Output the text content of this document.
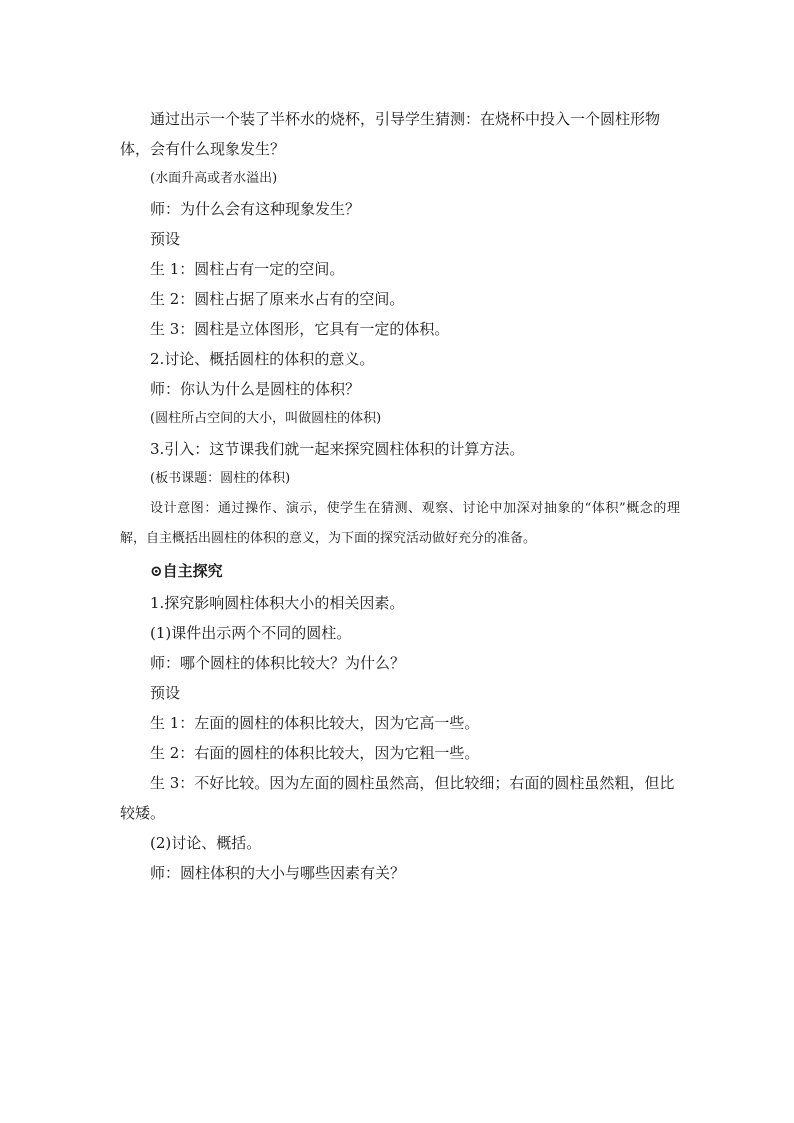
通过出示一个装了半杯水的烧杯，引导学生猜测：在烧杯中投入一个圆柱形物体，会有什么现象发生？

(水面升高或者水溢出)

师：为什么会有这种现象发生？

预设

生 1：圆柱占有一定的空间。

生 2：圆柱占据了原来水占有的空间。

生 3：圆柱是立体图形，它具有一定的体积。

2.讨论、概括圆柱的体积的意义。

师：你认为什么是圆柱的体积？

(圆柱所占空间的大小，叫做圆柱的体积)

3.引入：这节课我们就一起来探究圆柱体积的计算方法。

(板书课题：圆柱的体积)

设计意图：通过操作、演示，使学生在猜测、观察、讨论中加深对抽象的“体积”概念的理解，自主概括出圆柱的体积的意义，为下面的探究活动做好充分的准备。

⊙自主探究

1.探究影响圆柱体积大小的相关因素。

(1)课件出示两个不同的圆柱。

师：哪个圆柱的体积比较大？为什么？

预设

生 1：左面的圆柱的体积比较大，因为它高一些。

生 2：右面的圆柱的体积比较大，因为它粗一些。

生 3：不好比较。因为左面的圆柱虽然高，但比较细；右面的圆柱虽然粗，但比较矮。

(2)讨论、概括。

师：圆柱体积的大小与哪些因素有关？
